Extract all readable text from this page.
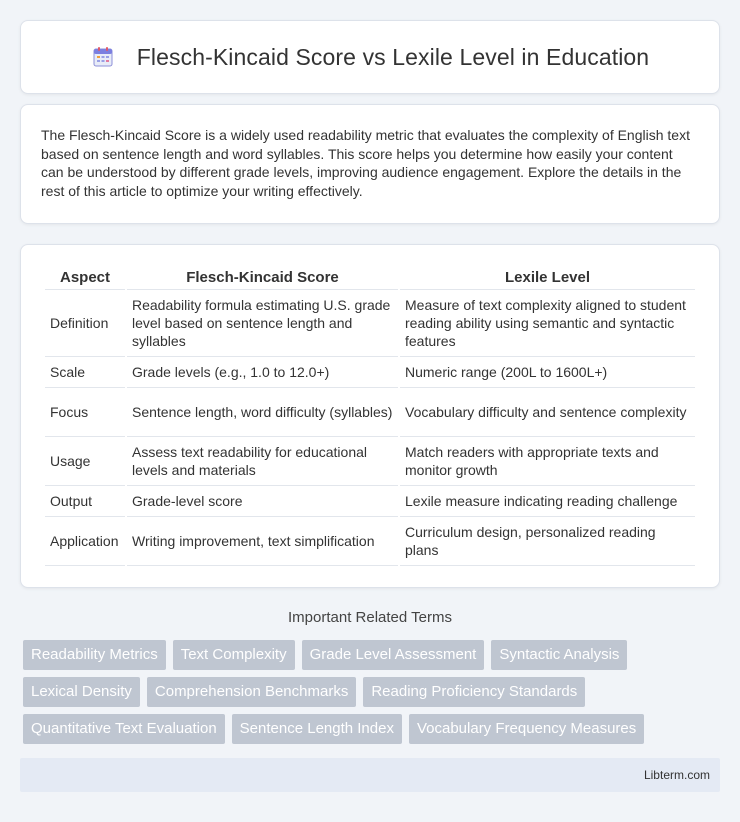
Flesch-Kincaid Score vs Lexile Level in Education

The Flesch-Kincaid Score is a widely used readability metric that evaluates the complexity of English text based on sentence length and word syllables. This score helps you determine how easily your content can be understood by different grade levels, improving audience engagement. Explore the details in the rest of this article to optimize your writing effectively.

Aspect	Flesch-Kincaid Score	Lexile Level
Definition	Readability formula estimating U.S. grade level based on sentence length and syllables	Measure of text complexity aligned to student reading ability using semantic and syntactic features
Scale	Grade levels (e.g., 1.0 to 12.0+)	Numeric range (200L to 1600L+)
Focus	Sentence length, word difficulty (syllables)	Vocabulary difficulty and sentence complexity
Usage	Assess text readability for educational levels and materials	Match readers with appropriate texts and monitor growth
Output	Grade-level score	Lexile measure indicating reading challenge
Application	Writing improvement, text simplification	Curriculum design, personalized reading plans
Important Related Terms
Readability Metrics	Text Complexity	Grade Level Assessment	Syntactic Analysis
Lexical Density	Comprehension Benchmarks	Reading Proficiency Standards
Quantitative Text Evaluation	Sentence Length Index	Vocabulary Frequency Measures
Libterm.com
